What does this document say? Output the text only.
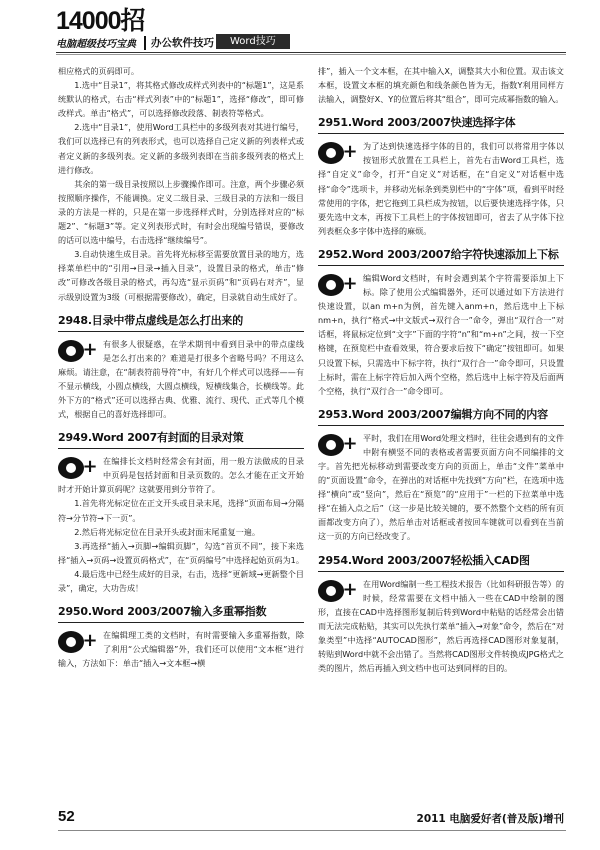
14000招
电脑超级技巧宝典 办公软件技巧	Word技巧

相应格式的页码即可。

1.选中“目录1”，将其格式修改成样式列表中的“标题1”，这是系统默认的格式，右击“样式列表”中的“标题1”，选择“修改”，即可修改样式。单击“格式”，可以选择修改段落、制表符等格式。

2.选中“目录1”，使用Word工具栏中的多级列表对其进行编号，我们可以选择已有的列表形式，也可以选择自己定义新的列表样式或者定义新的多级列表。定义新的多级列表即在当前多级列表的格式上进行修改。

其余的第一级目录按照以上步骤操作即可。注意，两个步骤必须按照顺序操作，不能调换。定义二级目录、三级目录的方法和一级目录的方法是一样的，只是在第一步选择样式时，分别选择对应的“标题2”、“标题3”等。定义列表形式时，有时会出现编号错误，要修改的话可以选中编号，右击选择“继续编号”。

3.自动快速生成目录。首先将光标移至需要放置目录的地方，选择菜单栏中的“引用→目录→插入目录”，设置目录的格式，单击“修改”可修改各级目录的格式，再勾选“显示页码”和“页码右对齐”，显示级别设置为3级（可根据需要修改），确定，目录就自动生成好了。

2948.目录中带点虚线是怎么打出来的

+ 有很多人很疑惑，在学术期刊中看到目录中的带点虚线是怎么打出来的？难道是打很多个省略号吗？不用这么麻烦。请注意，在“制表符前导符”中，有好几个样式可以选择——有不显示横线，小圆点横线，大圆点横线，短横线集合，长横线等。此外下方的“格式”还可以选择古典、优雅、流行、现代、正式等几个模式，根据自己的喜好选择即可。

2949.Word 2007有封面的目录对策

+ 在编排长文档时经常会有封面，用一般方法做成的目录中页码是包括封面和目录页数的。怎么才能在正文开始时才开始计算页码呢？这就要用到分节符了。

1.首先将光标定位在正文开头或目录末尾，选择“页面布局→分隔符→分节符→下一页”。

2.然后将光标定位在目录开头或封面末尾重复一遍。

3.再选择“插入→页脚→编辑页脚”，勾选“首页不同”，接下来选择“插入→页码→设置页码格式”，在“页码编号”中选择起始页码为1。

4.最后选中已经生成好的目录，右击，选择“更新域→更新整个目录”，确定，大功告成！

2950.Word 2003/2007输入多重幂指数

+ 在编辑理工类的文档时，有时需要输入多重幂指数，除了利用“公式编辑器”外，我们还可以使用“文本框”进行输入，方法如下：单击“插入→文本框→横

排”，插入一个文本框，在其中输入X，调整其大小和位置。双击该文本框，设置文本框的填充颜色和线条颜色皆为无，指数Y利用同样方法输入，调整好X、Y的位置后将其“组合”，即可完成幂指数的输入。

2951.Word 2003/2007快速选择字体

+ 为了达到快速选择字体的目的，我们可以将常用字体以按钮形式放置在工具栏上，首先右击Word工具栏，选择“自定义”命令，打开“自定义”对话框，在“自定义”对话框中选择“命令”选项卡，并移动光标条到类别栏中的“字体”项，看到平时经常使用的字体，把它拖到工具栏成为按钮，以后要快速选择字体，只要先选中文本，再按下工具栏上的字体按钮即可，省去了从字体下拉列表框众多字体中选择的麻烦。

2952.Word 2003/2007给字符快速添加上下标

+ 编辑Word文档时，有时会遇到某个字符需要添加上下标。除了使用公式编辑器外，还可以通过如下方法进行快速设置，以an m+n为例，首先键入anm+n，然后选中上下标nm+n，执行“格式→中文版式→双行合一”命令，弹出“双行合一”对话框，将鼠标定位到“文字”下面的字符“n”和“m+n”之间，按一下空格键，在预览栏中查看效果，符合要求后按下“确定”按钮即可。如果只设置下标，只需选中下标字符，执行“双行合一”命令即可，只设置上标时，需在上标字符后加入两个空格，然后选中上标字符及后面两个空格，执行“双行合一”命令即可。

2953.Word 2003/2007编辑方向不同的内容

+ 平时，我们在用Word处理文档时，往往会遇到有的文件中附有横竖不同的表格或者需要页面方向不同编排的文字。首先把光标移动到需要改变方向的页面上，单击“文件”菜单中的“页面设置”命令，在弹出的对话框中先找到“方向”栏，在选项中选择“横向”或“竖向”，然后在“预览”的“应用于”一栏的下拉菜单中选择“在插入点之后”（这一步是比较关键的，要不然整个文档的所有页面都改变方向了），然后单击对话框或者按回车键就可以看到在当前这一页的方向已经改变了。

2954.Word 2003/2007轻松插入CAD图

+ 在用Word编制一些工程技术报告（比如科研报告等）的时候，经常需要在文档中插入一些在CAD中绘制的图形，直接在CAD中选择图形复制后转到Word中粘贴的话经常会出错而无法完成粘贴，其实可以先执行菜单“插入→对象”命令，然后在“对象类型”中选择“AUTOCAD图形”，然后再选择CAD图形对象复制，转贴到Word中就不会出错了。当然将CAD图形文件转换成JPG格式之类的图片，然后再插入到文档中也可达到同样的目的。

52	2011 电脑爱好者(普及版)增刊
